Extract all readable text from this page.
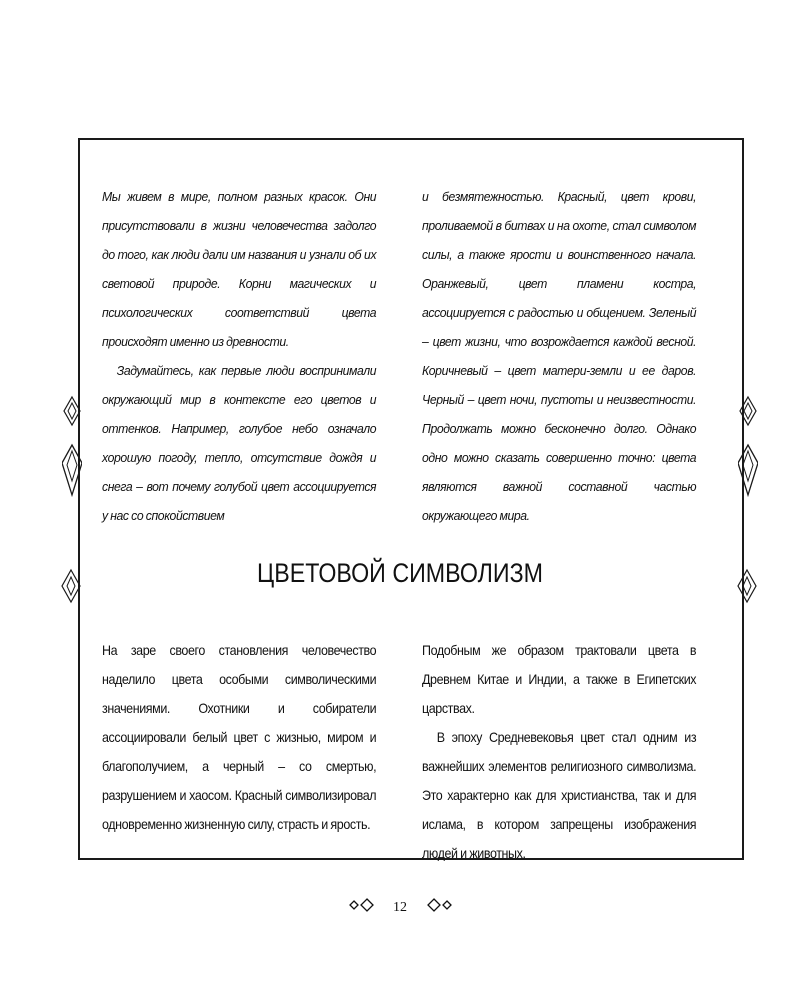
Мы живем в мире, полном разных красок. Они присутствовали в жизни человечества задолго до того, как люди дали им названия и узнали об их световой природе. Корни магических и психологических соответствий цвета происходят именно из древности.

Задумайтесь, как первые люди воспринимали окружающий мир в контексте его цветов и оттенков. Например, голубое небо означало хорошую погоду, тепло, отсутствие дождя и снега – вот почему голубой цвет ассоциируется у нас со спокойствием

и безмятежностью. Красный, цвет крови, проливаемой в битвах и на охоте, стал символом силы, а также ярости и воинственного начала. Оранжевый, цвет пламени костра, ассоциируется с радостью и общением. Зеленый – цвет жизни, что возрождается каждой весной. Коричневый – цвет матери-земли и ее даров. Черный – цвет ночи, пустоты и неизвестности. Продолжать можно бесконечно долго. Однако одно можно сказать совершенно точно: цвета являются важной составной частью окружающего мира.

ЦВЕТОВОЙ СИМВОЛИЗМ

На заре своего становления человечество наделило цвета особыми символическими значениями. Охотники и собиратели ассоциировали белый цвет с жизнью, миром и благополучием, а черный – со смертью, разрушением и хаосом. Красный символизировал одновременно жизненную силу, страсть и ярость.

Подобным же образом трактовали цвета в Древнем Китае и Индии, а также в Египетских царствах.

В эпоху Средневековья цвет стал одним из важнейших элементов религиозного символизма. Это характерно как для христианства, так и для ислама, в котором запрещены изображения людей и животных.

12
